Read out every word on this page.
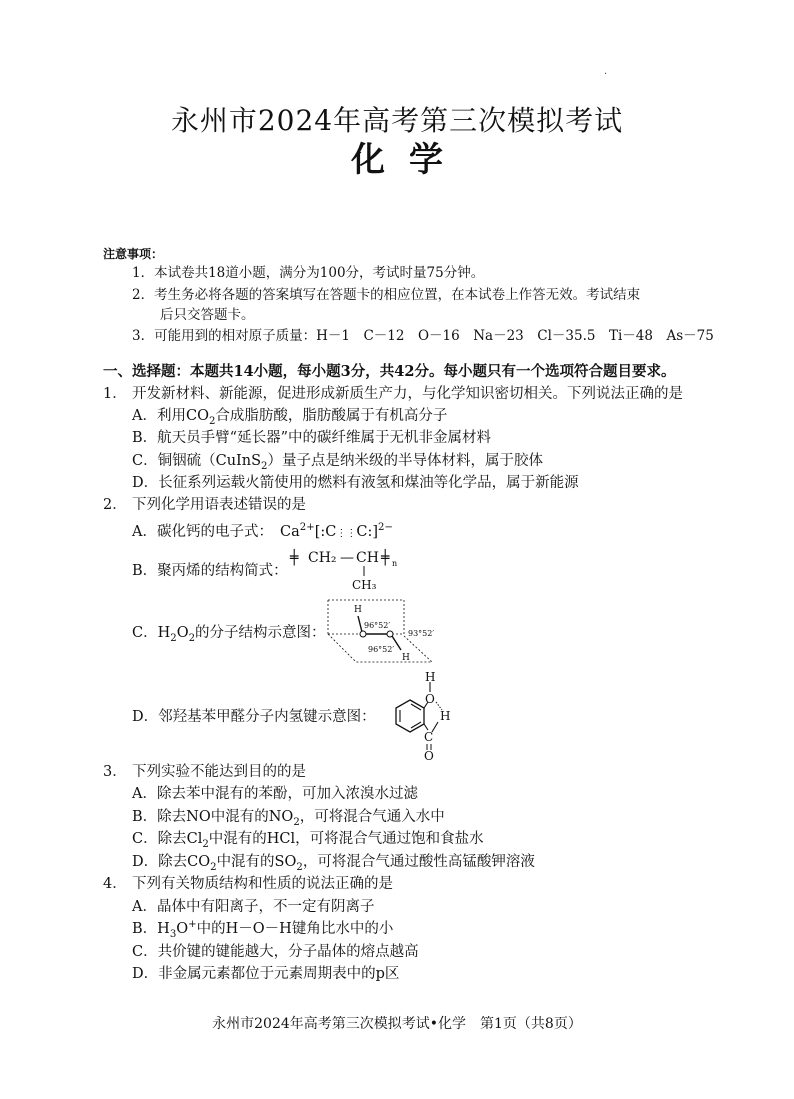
·
永州市2024年高考第三次模拟考试
化学
注意事项：
1．本试卷共18道小题，满分为100分，考试时量75分钟。
2．考生务必将各题的答案填写在答题卡的相应位置，在本试卷上作答无效。考试结束
后只交答题卡。
3．可能用到的相对原子质量：H－1　C－12　O－16　Na－23　Cl－35.5　Ti－48　As－75
一、选择题：本题共14小题，每小题3分，共42分。每小题只有一个选项符合题目要求。
1． 开发新材料、新能源，促进形成新质生产力，与化学知识密切相关。下列说法正确的是
A．利用$CO_2$合成脂肪酸，脂肪酸属于有机高分子
B．航天员手臂“延长器”中的碳纤维属于无机非金属材料
C．铜铟硫（CuInS$_2$）量子点是纳米级的半导体材料，属于胶体
D．长征系列运载火箭使用的燃料有液氢和煤油等化学品，属于新能源
2． 下列化学用语表述错误的是
A．碳化钙的电子式： $Ca^{2+}[:C⋮⋮C:]^{2-}$
B．聚丙烯的结构简式：
╪ CH₂ — CH ╪ n
CH₃
C．$H_2O_2$的分子结构示意图：
H
H
96°52′
96°52′
93°52′
D．邻羟基苯甲醛分子内氢键示意图：
O
H
H
C
O
3． 下列实验不能达到目的的是
A．除去苯中混有的苯酚，可加入浓溴水过滤
B．除去NO中混有的$NO_2$，可将混合气通入水中
C．除去$Cl_2$中混有的HCl，可将混合气通过饱和食盐水
D．除去$CO_2$中混有的$SO_2$，可将混合气通过酸性高锰酸钾溶液
4． 下列有关物质结构和性质的说法正确的是
A．晶体中有阳离子，不一定有阴离子
B．$H_3O^+$中的H－O－H键角比水中的小
C．共价键的键能越大，分子晶体的熔点越高
D．非金属元素都位于元素周期表中的p区
永州市2024年高考第三次模拟考试•化学　第1页（共8页）
